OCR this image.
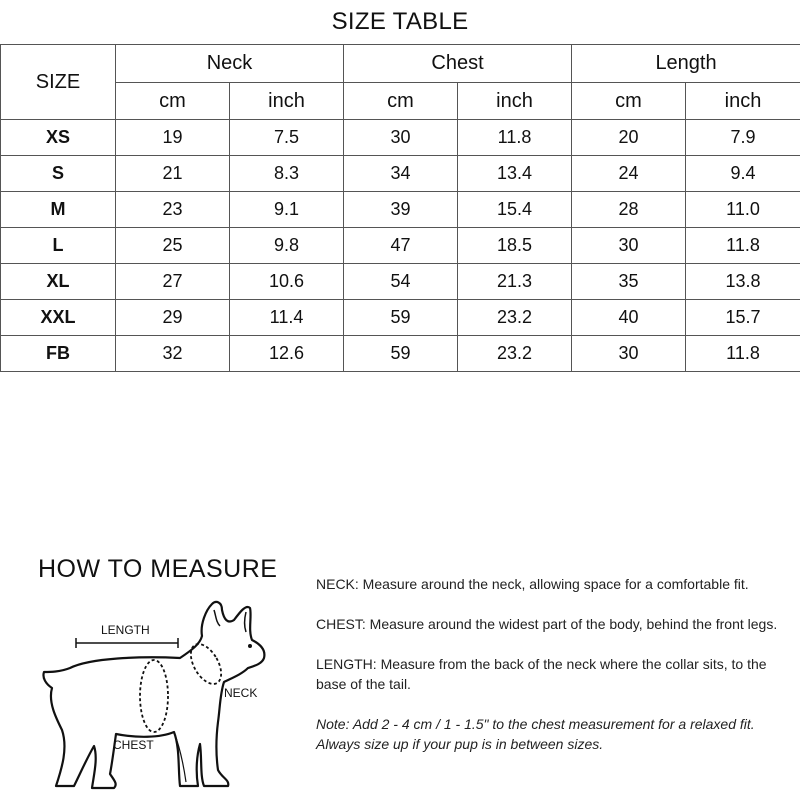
SIZE TABLE
SIZE	Neck		Chest		Length	
	cm	inch	cm	inch	cm	inch
XS	19	7.5	30	11.8	20	7.9
S	21	8.3	34	13.4	24	9.4
M	23	9.1	39	15.4	28	11.0
L	25	9.8	47	18.5	30	11.8
XL	27	10.6	54	21.3	35	13.8
XXL	29	11.4	59	23.2	40	15.7
FB	32	12.6	59	23.2	30	11.8
HOW TO MEASURE
LENGTH
NECK
CHEST

NECK: Measure around the neck, allowing space for a comfortable fit.

CHEST: Measure around the widest part of the body, behind the front legs.

LENGTH: Measure from the back of the neck where the collar sits, to the base of the tail.

Note: Add 2 - 4 cm / 1 - 1.5" to the chest measurement for a relaxed fit. Always size up if your pup is in between sizes.
